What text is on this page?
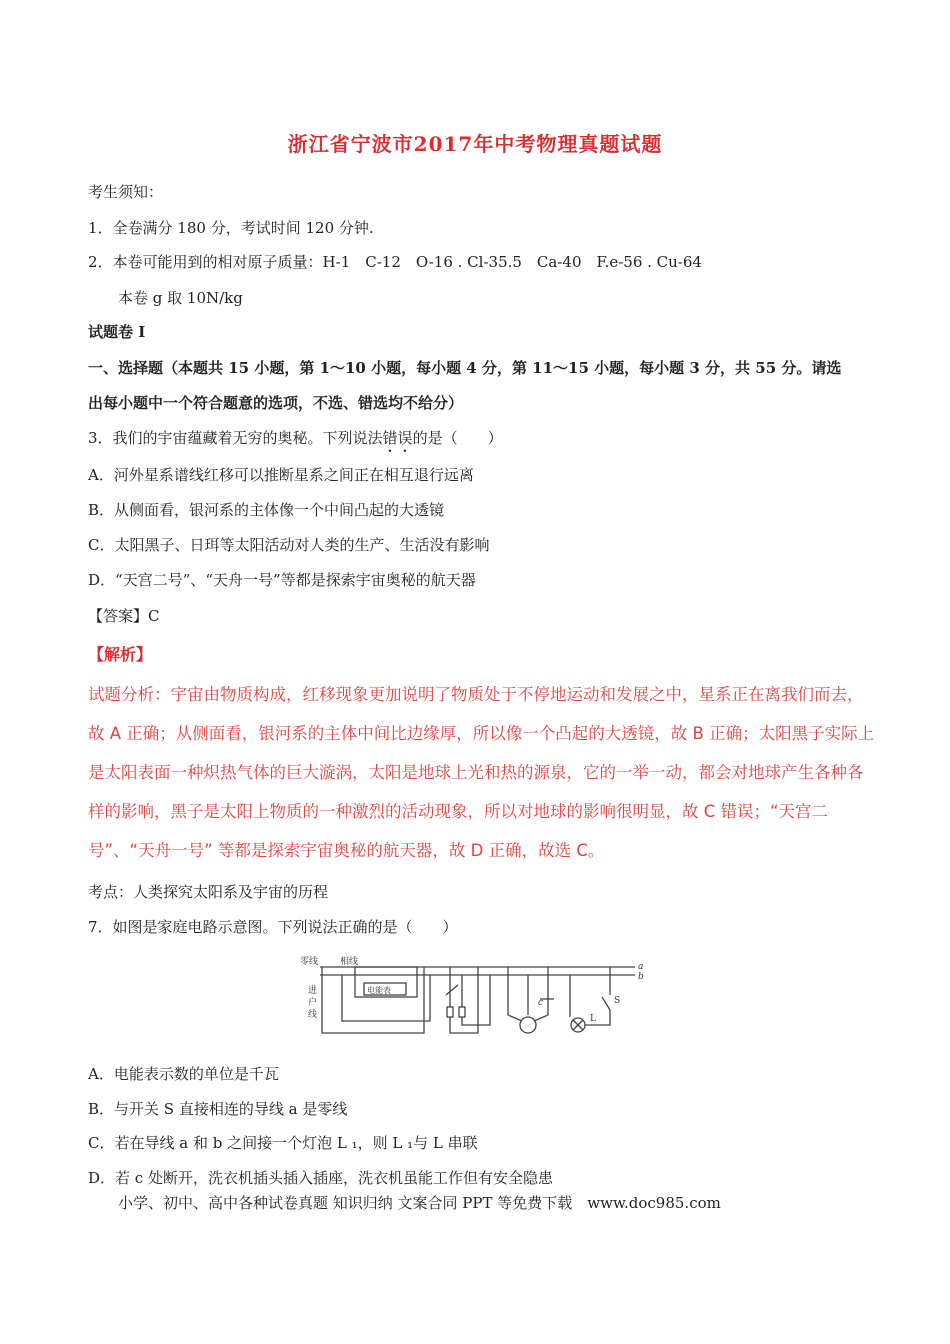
浙江省宁波市2017年中考物理真题试题
考生须知：
1．全卷满分 180 分，考试时间 120 分钟.
2．本卷可能用到的相对原子质量：H-1　C-12　O-16 . Cl-35.5　Ca-40　F.e-56 . Cu-64
本卷 g 取 10N/kg
试题卷 I
一、选择题（本题共 15 小题，第 1～10 小题，每小题 4 分，第 11～15 小题，每小题 3 分，共 55 分。请选
出每小题中一个符合题意的选项，不选、错选均不给分）
3．我们的宇宙蕴藏着无穷的奥秘。下列说法错误的是（　　）
A．河外星系谱线红移可以推断星系之间正在相互退行远离
B．从侧面看，银河系的主体像一个中间凸起的大透镜
C．太阳黑子、日珥等太阳活动对人类的生产、生活没有影响
D．“天宫二号”、“天舟一号”等都是探索宇宙奥秘的航天器
【答案】C
【解析】
试题分析：宇宙由物质构成，红移现象更加说明了物质处于不停地运动和发展之中，星系正在离我们而去，故 A 正确；从侧面看，银河系的主体中间比边缘厚，所以像一个凸起的大透镜，故 B 正确；太阳黑子实际上是太阳表面一种炽热气体的巨大漩涡，太阳是地球上光和热的源泉，它的一举一动，都会对地球产生各种各样的影响，黑子是太阳上物质的一种激烈的活动现象，所以对地球的影响很明显，故 C 错误；“天宫二号”、“天舟一号” 等都是探索宇宙奥秘的航天器，故 D 正确，故选 C。
考点：人类探究太阳系及宇宙的历程
7．如图是家庭电路示意图。下列说法正确的是（　　）
零线 相线
进
户
线
电能表
a
b
c
L
S
A．电能表示数的单位是千瓦
B．与开关 S 直接相连的导线 a 是零线
C．若在导线 a 和 b 之间接一个灯泡 L ₁，则 L ₁与 L 串联
D．若 c 处断开，洗衣机插头插入插座，洗衣机虽能工作但有安全隐患
小学、初中、高中各种试卷真题 知识归纳 文案合同 PPT 等免费下载　www.doc985.com
